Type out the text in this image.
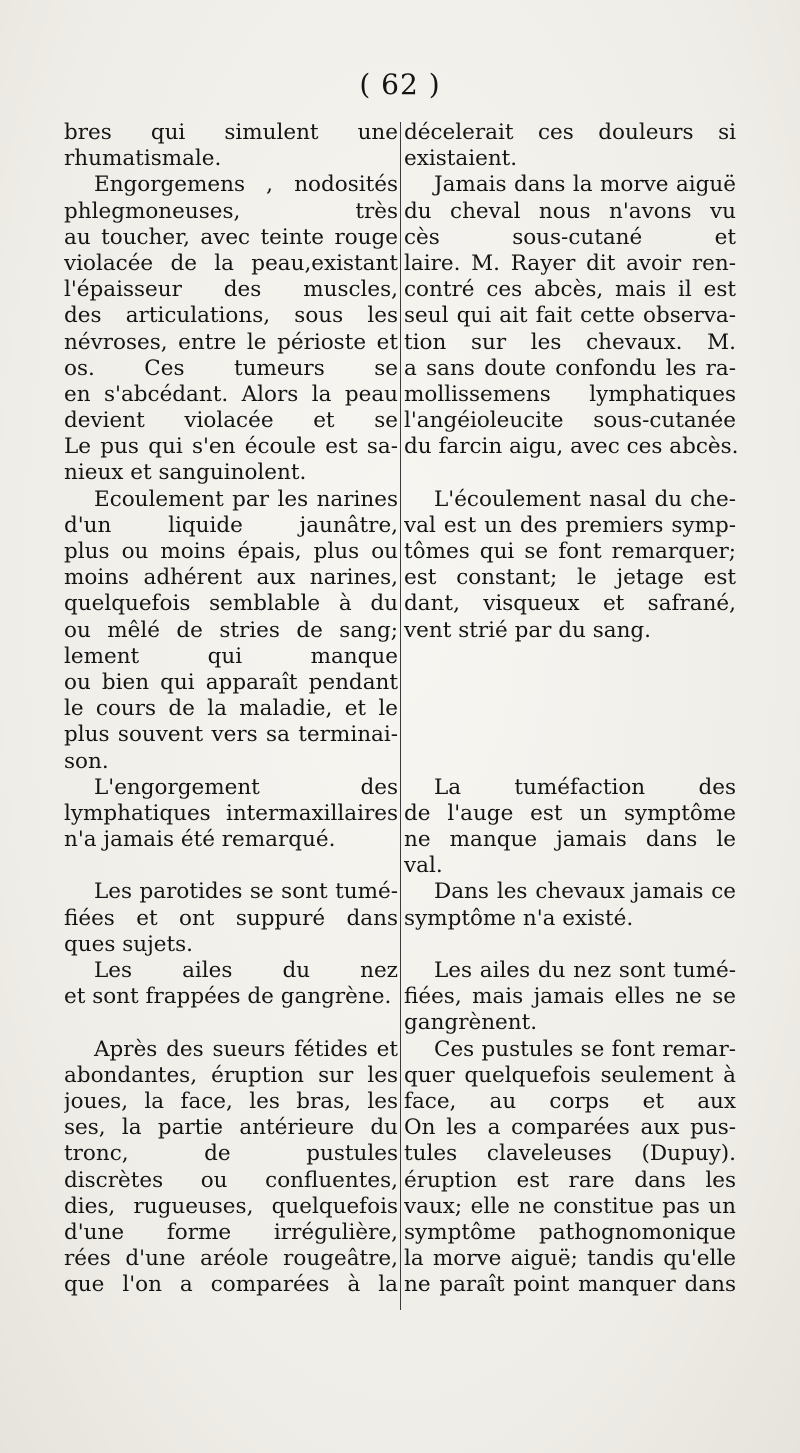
( 62 )
bres qui simulent une
rhumatismale.
Engorgemens , nodosités
phlegmoneuses, très
au toucher, avec teinte rouge
violacée de la peau,existant
l'épaisseur des muscles,
des articulations, sous les
névroses, entre le périoste et
os. Ces tumeurs se
en s'abcédant. Alors la peau
devient violacée et se
Le pus qui s'en écoule est sa-
nieux et sanguinolent.
Ecoulement par les narines
d'un liquide jaunâtre,
plus ou moins épais, plus ou
moins adhérent aux narines,
quelquefois semblable à du
ou mêlé de stries de sang;
lement qui manque
ou bien qui apparaît pendant
le cours de la maladie, et le
plus souvent vers sa terminai-
son.
L'engorgement des
lymphatiques intermaxillaires
n'a jamais été remarqué.
Les parotides se sont tumé-
fiées et ont suppuré dans
ques sujets.
Les ailes du nez
et sont frappées de gangrène.
Après des sueurs fétides et
abondantes, éruption sur les
joues, la face, les bras, les
ses, la partie antérieure du
tronc, de pustules
discrètes ou confluentes,
dies, rugueuses, quelquefois
d'une forme irrégulière,
rées d'une aréole rougeâtre,
que l'on a comparées à la
décelerait ces douleurs si
existaient.
Jamais dans la morve aiguë
du cheval nous n'avons vu
cès sous-cutané et
laire. M. Rayer dit avoir ren-
contré ces abcès, mais il est
seul qui ait fait cette observa-
tion sur les chevaux. M.
a sans doute confondu les ra-
mollissemens lymphatiques
l'angéioleucite sous-cutanée
du farcin aigu, avec ces abcès.
L'écoulement nasal du che-
val est un des premiers symp-
tômes qui se font remarquer;
est constant; le jetage est
dant, visqueux et safrané,
vent strié par du sang.
La tuméfaction des
de l'auge est un symptôme
ne manque jamais dans le
val.
Dans les chevaux jamais ce
symptôme n'a existé.
Les ailes du nez sont tumé-
fiées, mais jamais elles ne se
gangrènent.
Ces pustules se font remar-
quer quelquefois seulement à
face, au corps et aux
On les a comparées aux pus-
tules claveleuses (Dupuy).
éruption est rare dans les
vaux; elle ne constitue pas un
symptôme pathognomonique
la morve aiguë; tandis qu'elle
ne paraît point manquer dans
